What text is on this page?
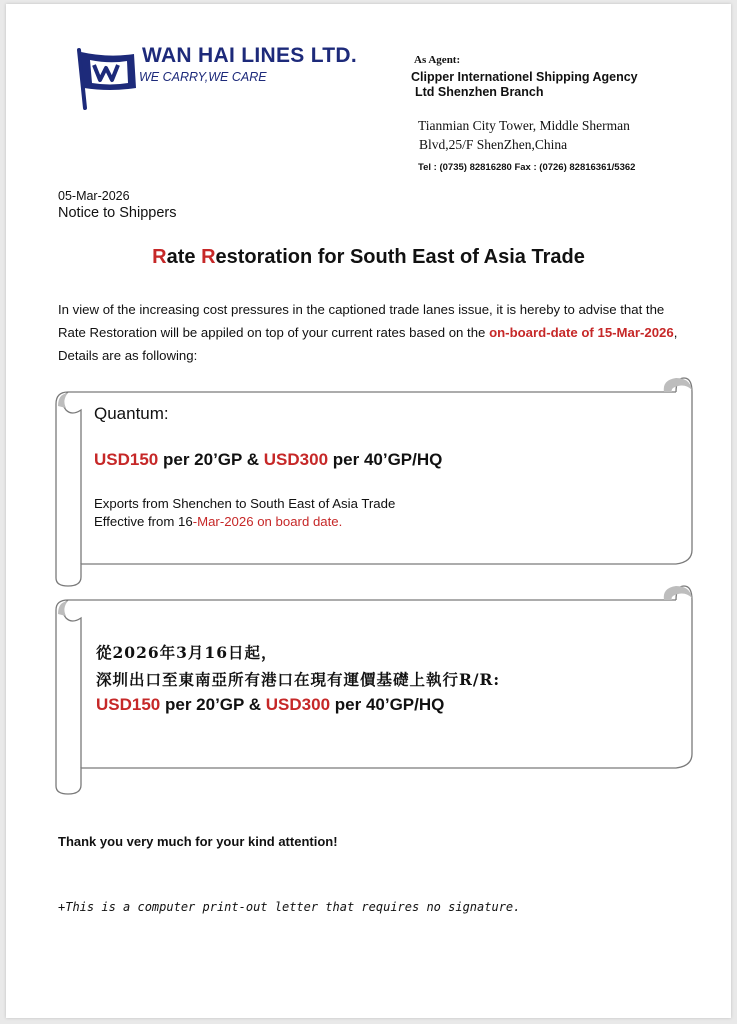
WAN HAI LINES LTD.
WE CARRY,WE CARE
As Agent:
Clipper Internationel Shipping Agency
Ltd Shenzhen Branch
Tianmian City Tower, Middle Sherman
Blvd,25/F ShenZhen,China
Tel : (0735) 82816280 Fax : (0726) 82816361/5362
05-Mar-2026
Notice to Shippers
Rate Restoration for South East of Asia Trade
In view of the increasing cost pressures in the captioned trade lanes issue, it is hereby to advise that the Rate Restoration will be appiled on top of your current rates based on the on-board-date of 15-Mar-2026, Details are as following:
Quantum:
USD150 per 20’GP & USD300 per 40’GP/HQ
Exports from Shenchen to South East of Asia Trade
Effective from 16-Mar-2026 on board date.
從2026年3月16日起，
深圳出口至東南亞所有港口在現有運價基礎上執行R/R:
USD150 per 20’GP & USD300 per 40’GP/HQ
Thank you very much for your kind attention!
+This is a computer print-out letter that requires no signature.
